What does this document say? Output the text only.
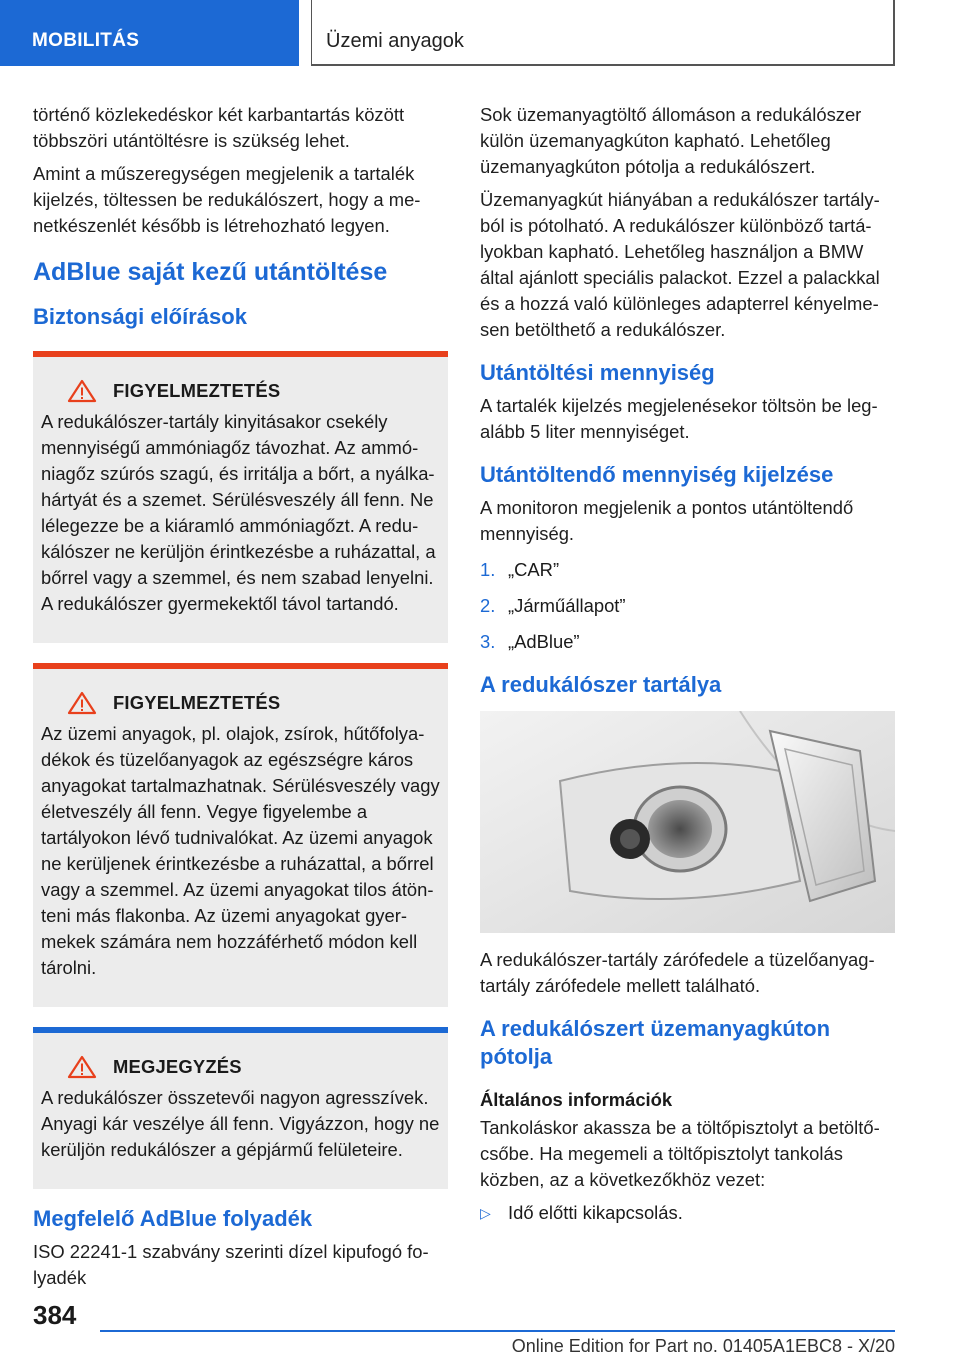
MOBILITÁS	Üzemi anyagok

történő közlekedéskor két karbantartás között többszöri utántöltésre is szükség lehet.

Amint a műszeregységen megjelenik a tartalék kijelzés, töltessen be redukálószert, hogy a me-netkészenlét később is létrehozható legyen.

AdBlue saját kezű utántöltése
Biztonsági előírások
FIGYELMEZTETÉS
A redukálószer-tartály kinyitásakor csekély mennyiségű ammóniagőz távozhat. Az ammó-niagőz szúrós szagú, és irritálja a bőrt, a nyálka-hártyát és a szemet. Sérülésveszély áll fenn. Ne lélegezze be a kiáramló ammóniagőzt. A redu-kálószer ne kerüljön érintkezésbe a ruházattal, a bőrrel vagy a szemmel, és nem szabad lenyelni. A redukálószer gyermekektől távol tartandó.
FIGYELMEZTETÉS
Az üzemi anyagok, pl. olajok, zsírok, hűtőfolya-dékok és tüzelőanyagok az egészségre káros anyagokat tartalmazhatnak. Sérülésveszély vagy életveszély áll fenn. Vegye figyelembe a tartályokon lévő tudnivalókat. Az üzemi anyagok ne kerüljenek érintkezésbe a ruházattal, a bőrrel vagy a szemmel. Az üzemi anyagokat tilos átön-teni más flakonba. Az üzemi anyagokat gyer-mekek számára nem hozzáférhető módon kell tárolni.
MEGJEGYZÉS
A redukálószer összetevői nagyon agresszívek. Anyagi kár veszélye áll fenn. Vigyázzon, hogy ne kerüljön redukálószer a gépjármű felületeire.
Megfelelő AdBlue folyadék

ISO 22241-1 szabvány szerinti dízel kipufogó fo-lyadék

Sok üzemanyagtöltő állomáson a redukálószer külön üzemanyagkúton kapható. Lehetőleg üzemanyagkúton pótolja a redukálószert.

Üzemanyagkút hiányában a redukálószer tartály-ból is pótolható. A redukálószer különböző tartá-lyokban kapható. Lehetőleg használjon a BMW által ajánlott speciális palackot. Ezzel a palackkal és a hozzá való különleges adapterrel kényelme-sen betölthető a redukálószer.

Utántöltési mennyiség

A tartalék kijelzés megjelenésekor töltsön be leg-alább 5 liter mennyiséget.

Utántöltendő mennyiség kijelzése

A monitoron megjelenik a pontos utántöltendő mennyiség.

1. „CAR”
2. „Járműállapot”
3. „AdBlue”
A redukálószer tartálya

A redukálószer-tartály zárófedele a tüzelőanyag-tartály zárófedele mellett található.

A redukálószert üzemanyagkúton pótolja
Általános információk

Tankoláskor akassza be a töltőpisztolyt a betöltő-csőbe. Ha megemeli a töltőpisztolyt tankolás közben, az a következőkhöz vezet:

▷ Idő előtti kikapcsolás.
384
Online Edition for Part no. 01405A1EBC8 - X/20
